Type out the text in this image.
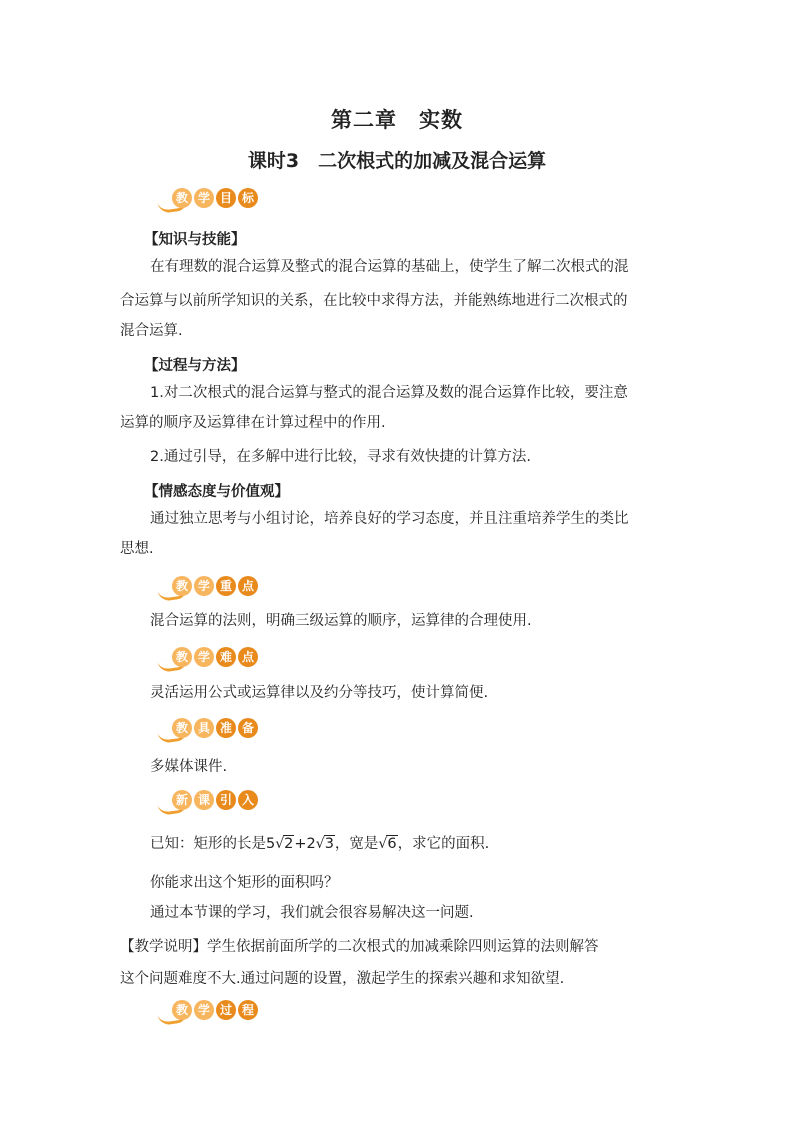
第二章　实数
课时3　二次根式的加减及混合运算
教 学 目 标
【知识与技能】
在有理数的混合运算及整式的混合运算的基础上，使学生了解二次根式的混
合运算与以前所学知识的关系，在比较中求得方法，并能熟练地进行二次根式的
混合运算.
【过程与方法】
1.对二次根式的混合运算与整式的混合运算及数的混合运算作比较，要注意
运算的顺序及运算律在计算过程中的作用.
2.通过引导，在多解中进行比较，寻求有效快捷的计算方法.
【情感态度与价值观】
通过独立思考与小组讨论，培养良好的学习态度，并且注重培养学生的类比
思想.
教 学 重 点
混合运算的法则，明确三级运算的顺序，运算律的合理使用.
教 学 难 点
灵活运用公式或运算律以及约分等技巧，使计算简便.
教 具 准 备
多媒体课件.
新 课 引 入
已知：矩形的长是5√2+2√3，宽是√6，求它的面积.
你能求出这个矩形的面积吗？
通过本节课的学习，我们就会很容易解决这一问题.
【教学说明】学生依据前面所学的二次根式的加减乘除四则运算的法则解答
这个问题难度不大.通过问题的设置，激起学生的探索兴趣和求知欲望.
教 学 过 程
